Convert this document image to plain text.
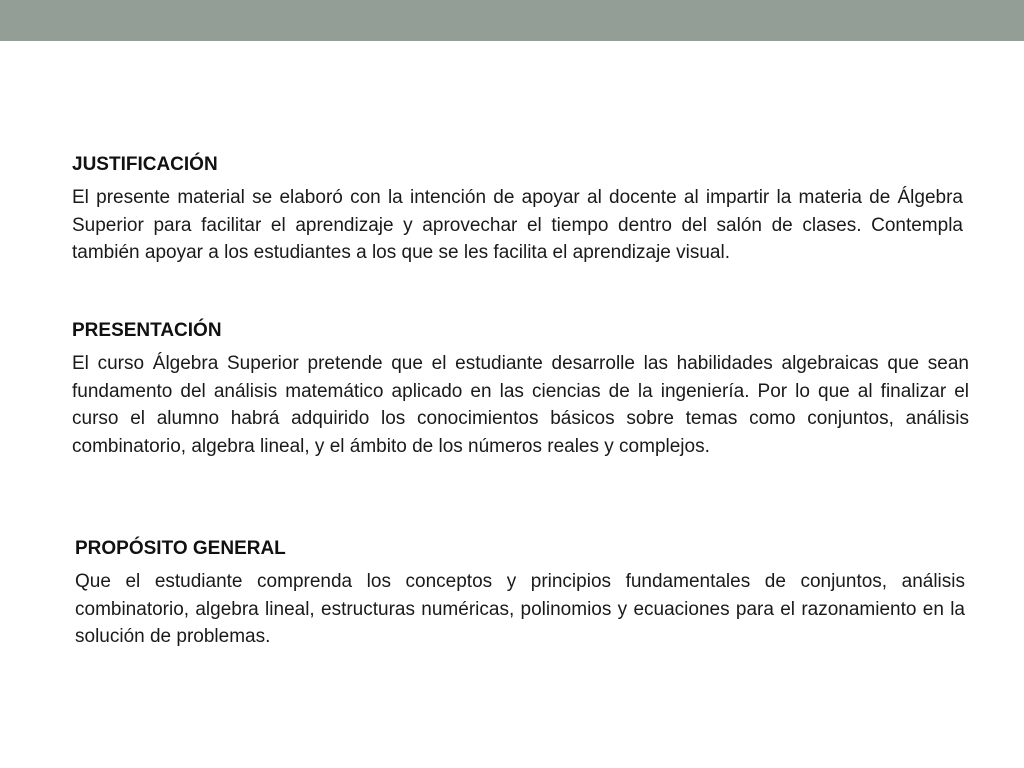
JUSTIFICACIÓN

El presente material se elaboró con la intención de apoyar al docente al impartir la materia de Álgebra Superior para facilitar el aprendizaje y aprovechar el tiempo dentro del salón de clases. Contempla también apoyar a los estudiantes a los que se les facilita el aprendizaje visual.

PRESENTACIÓN

El curso Álgebra Superior pretende que el estudiante desarrolle las habilidades algebraicas que sean fundamento del análisis matemático aplicado en las ciencias de la ingeniería. Por lo que al finalizar el curso el alumno habrá adquirido los conocimientos básicos sobre temas como conjuntos, análisis combinatorio, algebra lineal, y el ámbito de los números reales y complejos.

PROPÓSITO GENERAL

Que el estudiante comprenda los conceptos y principios fundamentales de conjuntos, análisis combinatorio, algebra lineal, estructuras numéricas, polinomios y ecuaciones para el razonamiento en la solución de problemas.
